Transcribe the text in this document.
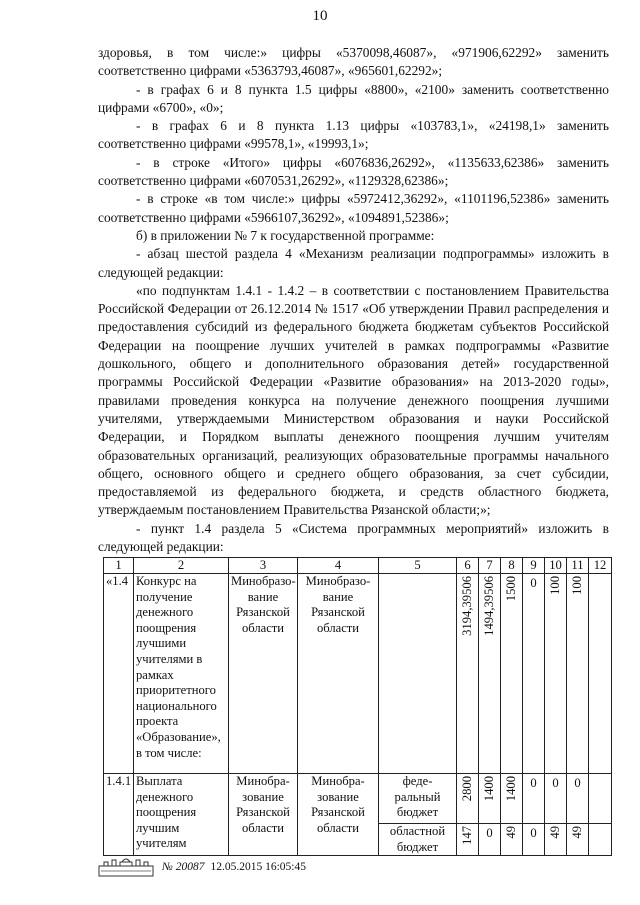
10

здоровья, в том числе:» цифры «5370098,46087», «971906,62292» заменить соответственно цифрами «5363793,46087», «965601,62292»;

- в графах 6 и 8 пункта 1.5 цифры «8800», «2100» заменить соответственно цифрами «6700», «0»;

- в графах 6 и 8 пункта 1.13 цифры «103783,1», «24198,1» заменить соответственно цифрами «99578,1», «19993,1»;

- в строке «Итого» цифры «6076836,26292», «1135633,62386» заменить соответственно цифрами «6070531,26292», «1129328,62386»;

- в строке «в том числе:» цифры «5972412,36292», «1101196,52386» заменить соответственно цифрами «5966107,36292», «1094891,52386»;

б) в приложении № 7 к государственной программе:

- абзац шестой раздела 4 «Механизм реализации подпрограммы» изложить в следующей редакции:

«по подпунктам 1.4.1 - 1.4.2 – в соответствии с постановлением Правительства Российской Федерации от 26.12.2014 № 1517 «Об утверждении Правил распределения и предоставления субсидий из федерального бюджета бюджетам субъектов Российской Федерации на поощрение лучших учителей в рамках подпрограммы «Развитие дошкольного, общего и дополнительного образования детей» государственной программы Российской Федерации «Развитие образования» на 2013-2020 годы», правилами проведения конкурса на получение денежного поощрения лучшими учителями, утверждаемыми Министерством образования и науки Российской Федерации, и Порядком выплаты денежного поощрения лучшим учителям образовательных организаций, реализующих образовательные программы начального общего, основного общего и среднего общего образования, за счет субсидии, предоставляемой из федерального бюджета, и средств областного бюджета, утверждаемым постановлением Правительства Рязанской области;»;

- пункт 1.4 раздела 5 «Система программных мероприятий» изложить в следующей редакции:

1	2	3	4	5	6	7	8	9	10	11	12
«1.4	Конкурс на получение денежного поощрения лучшими учителями в рамках приоритетного национального проекта «Образование», в том числе:	Минобразо-вание Рязанской области	Минобразо-вание Рязанской области		3194,39506	1494,39506	1500	0	100	100	
1.4.1	Выплата денежного поощрения лучшим учителям	Минобра-зование Рязанской области	Минобра-зование Рязанской области	феде-ральный бюджет	2800	1400	1400	0	0	0	
				областной бюджет	147	0	49	0	49	49	
№ 20087 12.05.2015 16:05:45
